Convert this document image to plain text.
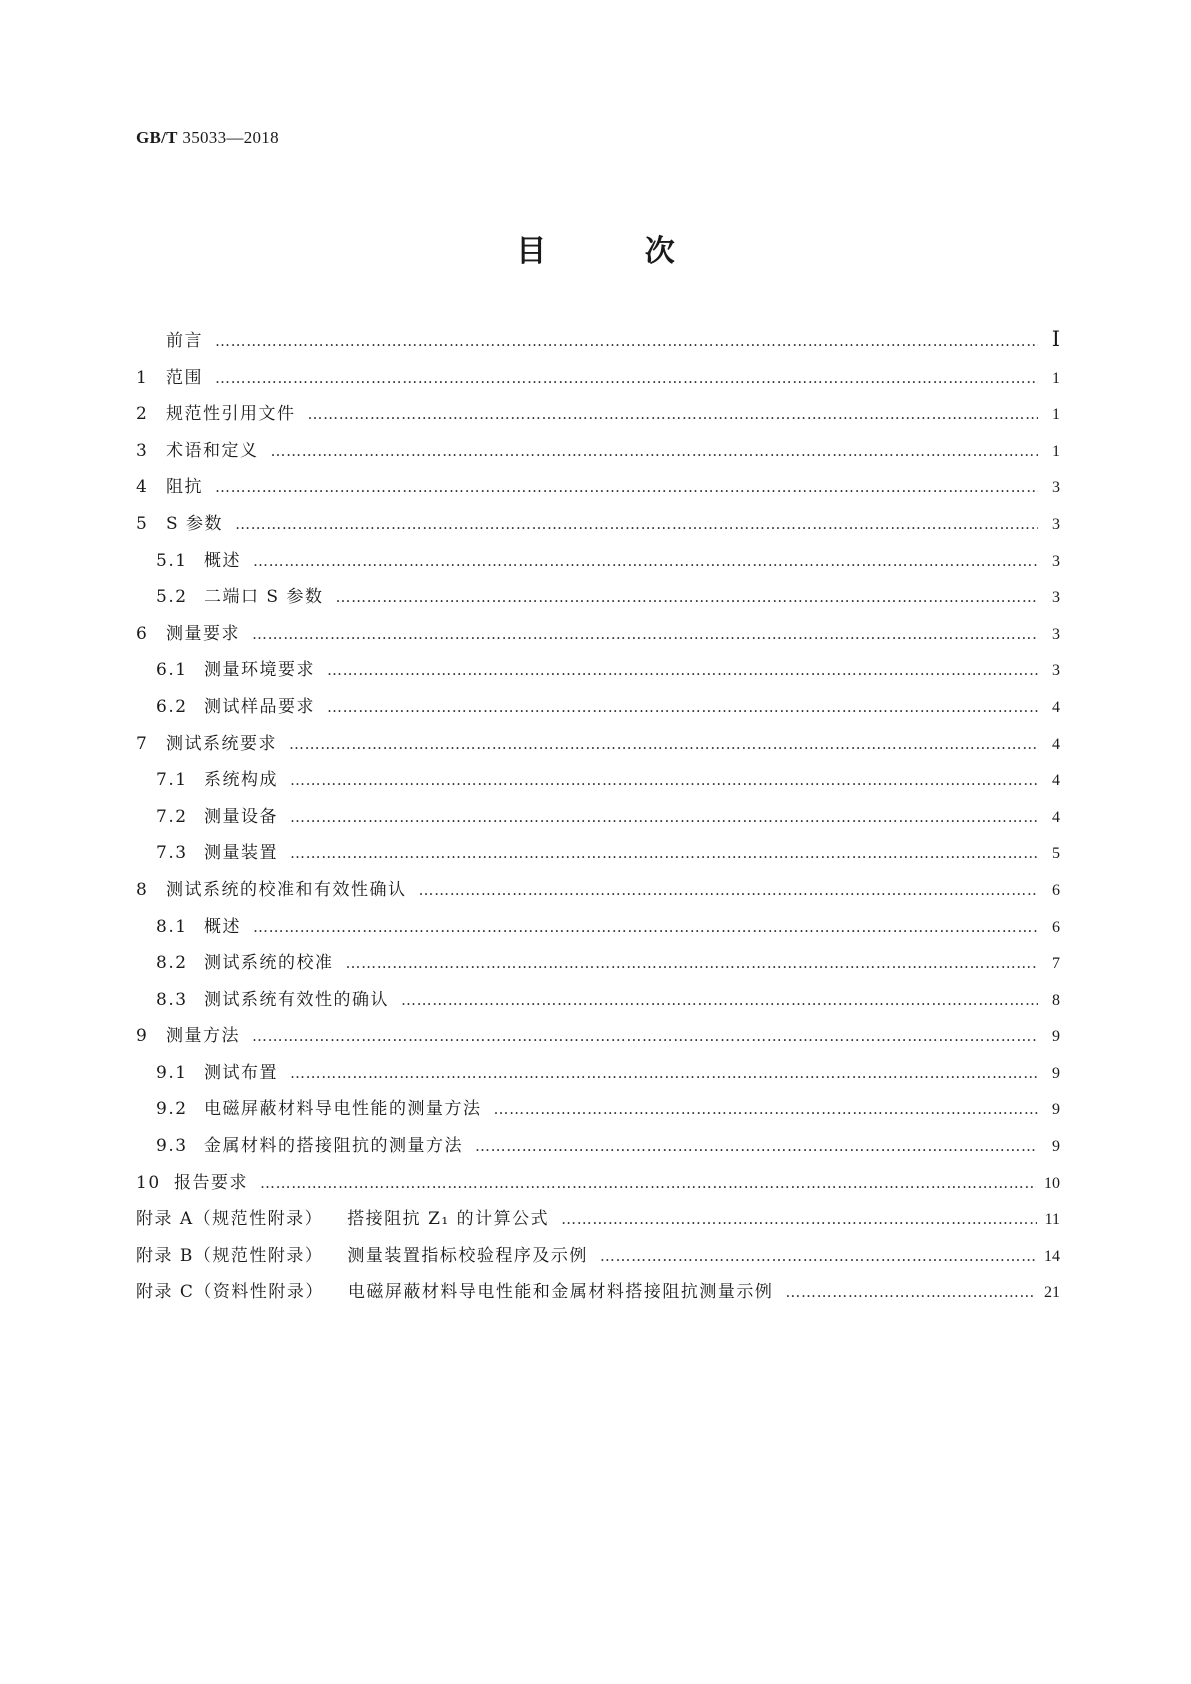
GB/T 35033—2018
目 次
前言 ……………………………………………………………………………………………………………………………………………………………………………………………………………………………………	Ⅰ
1	范围 ……………………………………………………………………………………………………………………………………………………………………………………………………………………………………	1
2	规范性引用文件 ……………………………………………………………………………………………………………………………………………………………………………………………………………………………………	1
3	术语和定义 ……………………………………………………………………………………………………………………………………………………………………………………………………………………………………	1
4	阻抗 ……………………………………………………………………………………………………………………………………………………………………………………………………………………………………	3
5	S 参数 ……………………………………………………………………………………………………………………………………………………………………………………………………………………………………	3
5.1 概述 ……………………………………………………………………………………………………………………………………………………………………………………………………………………………………	3
5.2 二端口 S 参数 ……………………………………………………………………………………………………………………………………………………………………………………………………………………………………	3
6	测量要求 ……………………………………………………………………………………………………………………………………………………………………………………………………………………………………	3
6.1 测量环境要求 ……………………………………………………………………………………………………………………………………………………………………………………………………………………………………	3
6.2 测试样品要求 ……………………………………………………………………………………………………………………………………………………………………………………………………………………………………	4
7	测试系统要求 ……………………………………………………………………………………………………………………………………………………………………………………………………………………………………	4
7.1 系统构成 ……………………………………………………………………………………………………………………………………………………………………………………………………………………………………	4
7.2 测量设备 ……………………………………………………………………………………………………………………………………………………………………………………………………………………………………	4
7.3 测量装置 ……………………………………………………………………………………………………………………………………………………………………………………………………………………………………	5
8	测试系统的校准和有效性确认 ……………………………………………………………………………………………………………………………………………………………………………………………………………………………………	6
8.1 概述 ……………………………………………………………………………………………………………………………………………………………………………………………………………………………………	6
8.2 测试系统的校准 ……………………………………………………………………………………………………………………………………………………………………………………………………………………………………	7
8.3 测试系统有效性的确认 ……………………………………………………………………………………………………………………………………………………………………………………………………………………………………	8
9	测量方法 ……………………………………………………………………………………………………………………………………………………………………………………………………………………………………	9
9.1 测试布置 ……………………………………………………………………………………………………………………………………………………………………………………………………………………………………	9
9.2 电磁屏蔽材料导电性能的测量方法 ……………………………………………………………………………………………………………………………………………………………………………………………………………………………………	9
9.3 金属材料的搭接阻抗的测量方法 ……………………………………………………………………………………………………………………………………………………………………………………………………………………………………	9
10 报告要求 ……………………………………………………………………………………………………………………………………………………………………………………………………………………………………	10
附录 A（规范性附录） 搭接阻抗 Z₁ 的计算公式 ……………………………………………………………………………………………………………………………………………………………………………………………………………………………………	11
附录 B（规范性附录） 测量装置指标校验程序及示例 ……………………………………………………………………………………………………………………………………………………………………………………………………………………………………	14
附录 C（资料性附录） 电磁屏蔽材料导电性能和金属材料搭接阻抗测量示例 ……………………………………………………………………………………………………………………………………………………………………………………………………………………………………	21
